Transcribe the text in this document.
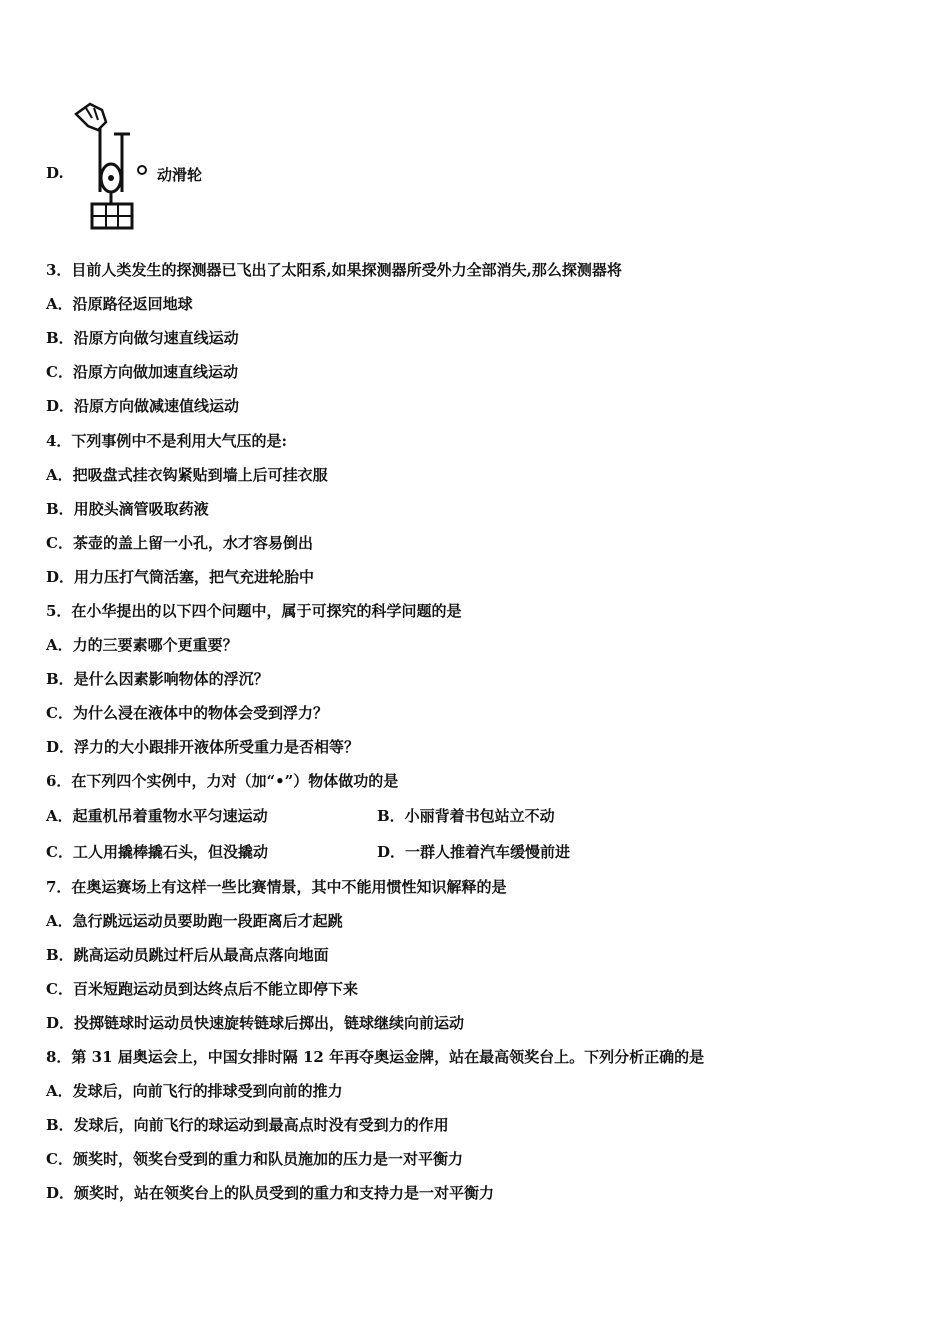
D.	动滑轮
3．目前人类发生的探测器已飞出了太阳系,如果探测器所受外力全部消失,那么探测器将
A．沿原路径返回地球
B．沿原方向做匀速直线运动
C．沿原方向做加速直线运动
D．沿原方向做减速值线运动
4．下列事例中不是利用大气压的是:
A．把吸盘式挂衣钩紧贴到墙上后可挂衣服
B．用胶头滴管吸取药液
C．茶壶的盖上留一小孔，水才容易倒出
D．用力压打气筒活塞，把气充进轮胎中
5．在小华提出的以下四个问题中，属于可探究的科学问题的是
A．力的三要素哪个更重要？
B．是什么因素影响物体的浮沉？
C．为什么浸在液体中的物体会受到浮力？
D．浮力的大小跟排开液体所受重力是否相等？
6．在下列四个实例中，力对（加“•”）物体做功的是
A．起重机吊着重物水平匀速运动	B．小丽背着书包站立不动
C．工人用撬棒撬石头，但没撬动	D．一群人推着汽车缓慢前进
7．在奥运赛场上有这样一些比赛情景，其中不能用惯性知识解释的是
A．急行跳远运动员要助跑一段距离后才起跳
B．跳高运动员跳过杆后从最高点落向地面
C．百米短跑运动员到达终点后不能立即停下来
D．投掷链球时运动员快速旋转链球后掷出，链球继续向前运动
8．第 31 届奥运会上，中国女排时隔 12 年再夺奥运金牌，站在最高领奖台上。下列分析正确的是
A．发球后，向前飞行的排球受到向前的推力
B．发球后，向前飞行的球运动到最高点时没有受到力的作用
C．颁奖时，领奖台受到的重力和队员施加的压力是一对平衡力
D．颁奖时，站在领奖台上的队员受到的重力和支持力是一对平衡力
